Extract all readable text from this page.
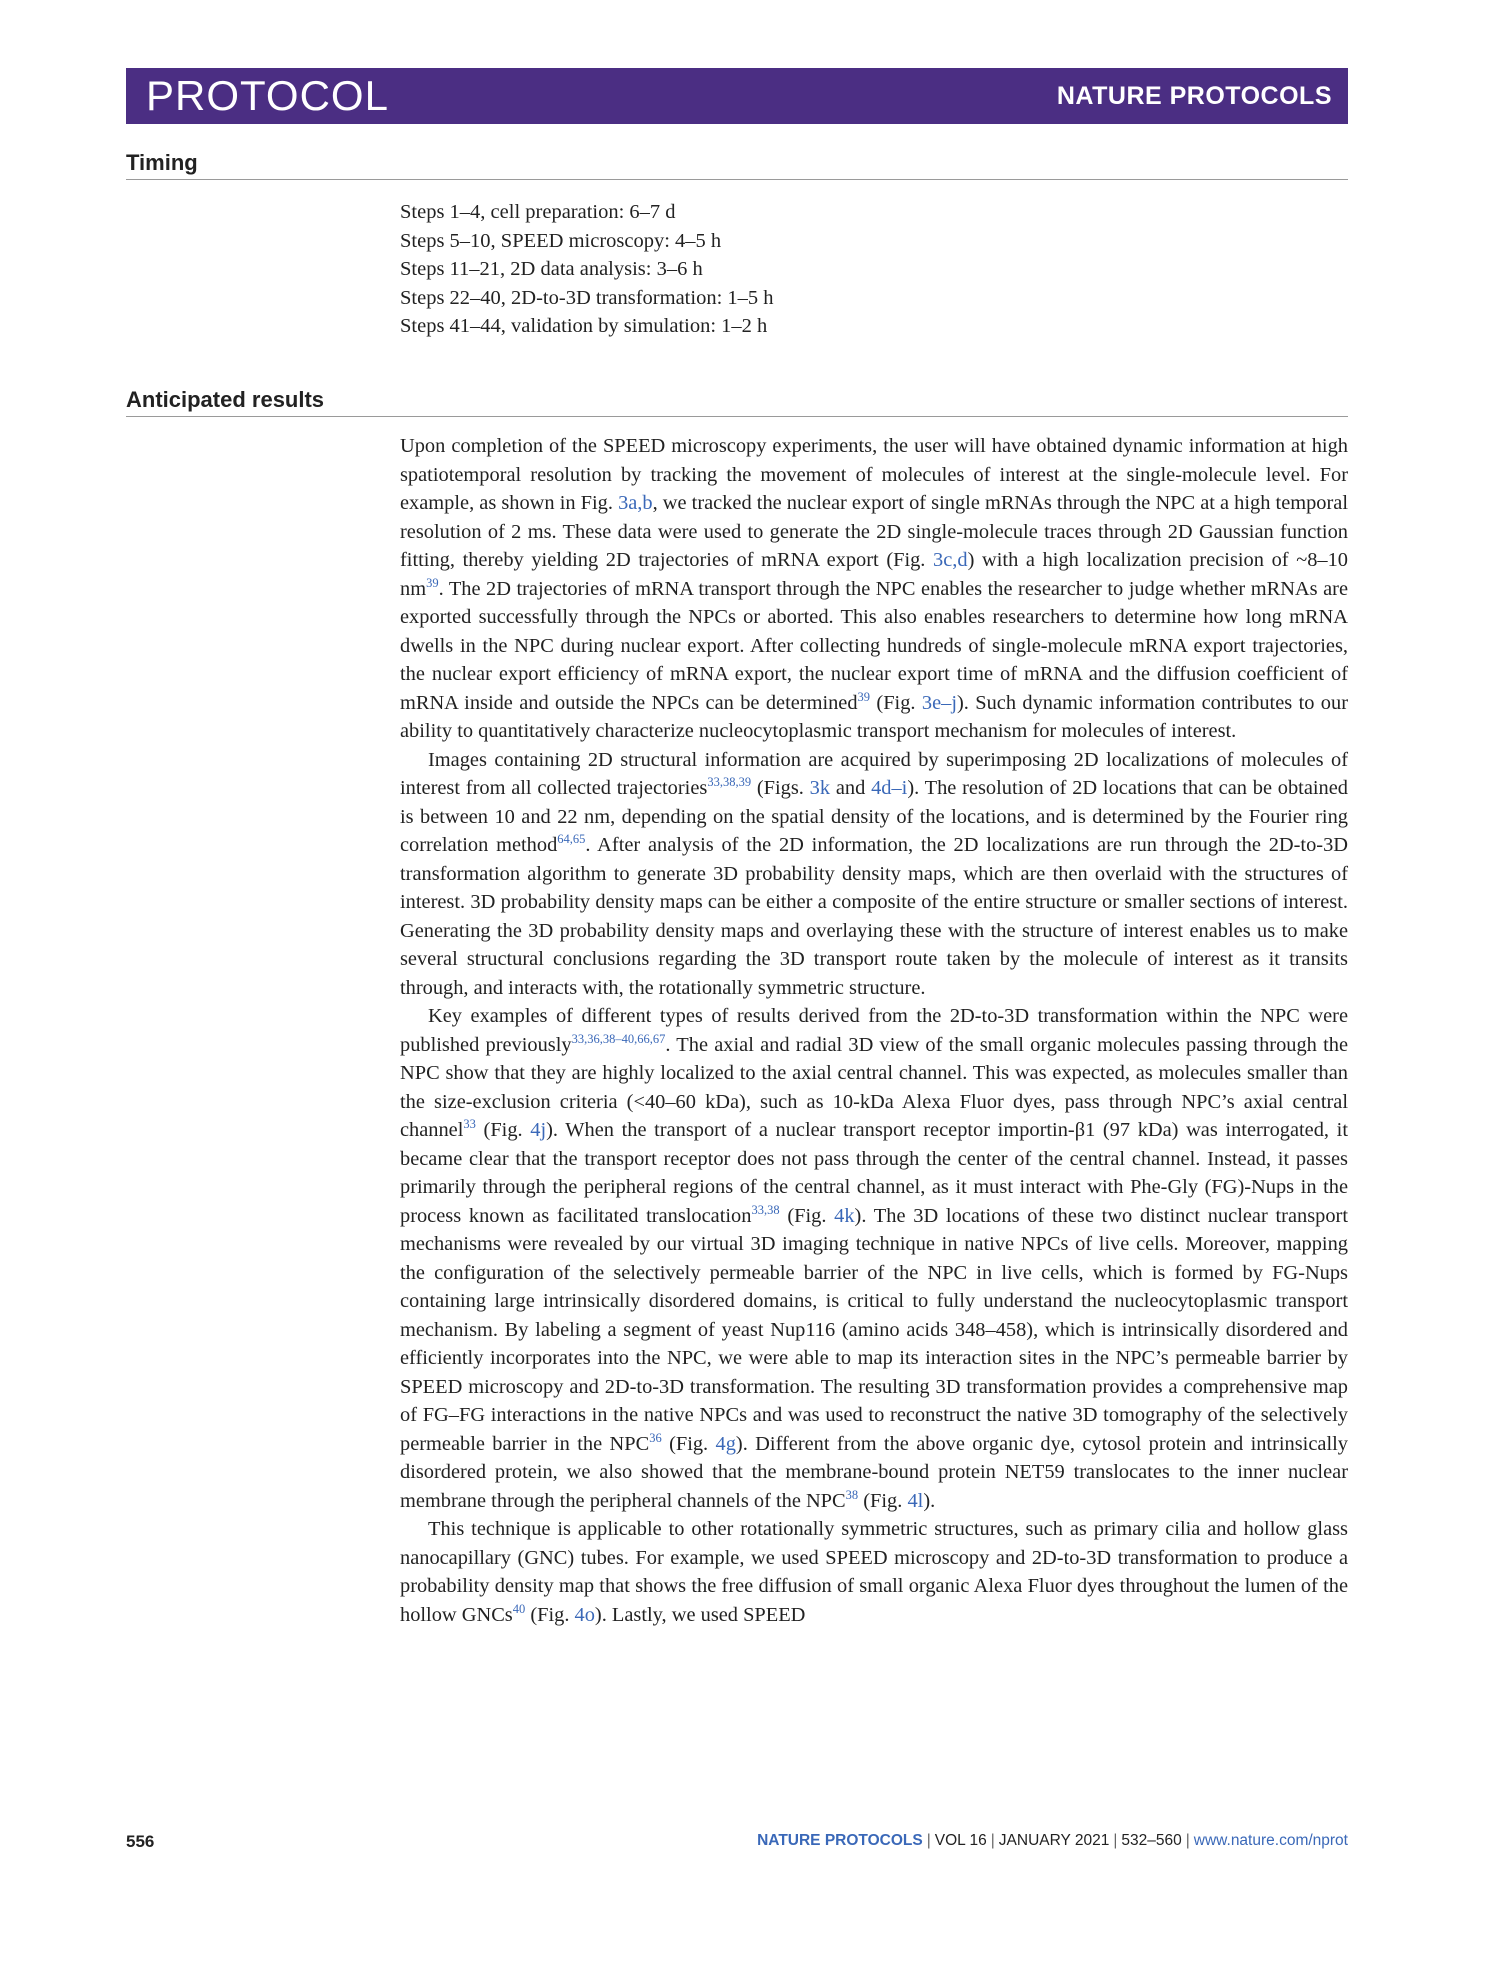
PROTOCOL	NATURE PROTOCOLS
Timing
Steps 1–4, cell preparation: 6–7 d
Steps 5–10, SPEED microscopy: 4–5 h
Steps 11–21, 2D data analysis: 3–6 h
Steps 22–40, 2D-to-3D transformation: 1–5 h
Steps 41–44, validation by simulation: 1–2 h
Anticipated results

Upon completion of the SPEED microscopy experiments, the user will have obtained dynamic information at high spatiotemporal resolution by tracking the movement of molecules of interest at the single-molecule level. For example, as shown in Fig. 3a,b, we tracked the nuclear export of single mRNAs through the NPC at a high temporal resolution of 2 ms. These data were used to generate the 2D single-molecule traces through 2D Gaussian function fitting, thereby yielding 2D trajectories of mRNA export (Fig. 3c,d) with a high localization precision of ~8–10 $nm^{39}$. The 2D trajectories of mRNA transport through the NPC enables the researcher to judge whether mRNAs are exported successfully through the NPCs or aborted. This also enables researchers to determine how long mRNA dwells in the NPC during nuclear export. After collecting hundreds of single-molecule mRNA export trajectories, the nuclear export efficiency of mRNA export, the nuclear export time of mRNA and the diffusion coefficient of mRNA inside and outside the NPCs can be determined$^{39}$ (Fig. 3e–j). Such dynamic information contributes to our ability to quantitatively characterize nucleocytoplasmic transport mechanism for molecules of interest.

Images containing 2D structural information are acquired by superimposing 2D localizations of molecules of interest from all collected trajectories$^{33,38,39}$ (Figs. 3k and 4d–i). The resolution of 2D locations that can be obtained is between 10 and 22 nm, depending on the spatial density of the locations, and is determined by the Fourier ring correlation method$^{64,65}$. After analysis of the 2D information, the 2D localizations are run through the 2D-to-3D transformation algorithm to generate 3D probability density maps, which are then overlaid with the structures of interest. 3D probability density maps can be either a composite of the entire structure or smaller sections of interest. Generating the 3D probability density maps and overlaying these with the structure of interest enables us to make several structural conclusions regarding the 3D transport route taken by the molecule of interest as it transits through, and interacts with, the rotationally symmetric structure.

Key examples of different types of results derived from the 2D-to-3D transformation within the NPC were published previously$^{33,36,38-40,66,67}$. The axial and radial 3D view of the small organic molecules passing through the NPC show that they are highly localized to the axial central channel. This was expected, as molecules smaller than the size-exclusion criteria (<40–60 kDa), such as 10-kDa Alexa Fluor dyes, pass through NPC’s axial central channel$^{33}$ (Fig. 4j). When the transport of a nuclear transport receptor importin-β1 (97 kDa) was interrogated, it became clear that the transport receptor does not pass through the center of the central channel. Instead, it passes primarily through the peripheral regions of the central channel, as it must interact with Phe-Gly (FG)-Nups in the process known as facilitated translocation$^{33,38}$ (Fig. 4k). The 3D locations of these two distinct nuclear transport mechanisms were revealed by our virtual 3D imaging technique in native NPCs of live cells. Moreover, mapping the configuration of the selectively permeable barrier of the NPC in live cells, which is formed by FG-Nups containing large intrinsically disordered domains, is critical to fully understand the nucleocytoplasmic transport mechanism. By labeling a segment of yeast Nup116 (amino acids 348–458), which is intrinsically disordered and efficiently incorporates into the NPC, we were able to map its interaction sites in the NPC’s permeable barrier by SPEED microscopy and 2D-to-3D transformation. The resulting 3D transformation provides a comprehensive map of FG–FG interactions in the native NPCs and was used to reconstruct the native 3D tomography of the selectively permeable barrier in the NPC$^{36}$ (Fig. 4g). Different from the above organic dye, cytosol protein and intrinsically disordered protein, we also showed that the membrane-bound protein NET59 translocates to the inner nuclear membrane through the peripheral channels of the NPC$^{38}$ (Fig. 4l).

This technique is applicable to other rotationally symmetric structures, such as primary cilia and hollow glass nanocapillary (GNC) tubes. For example, we used SPEED microscopy and 2D-to-3D transformation to produce a probability density map that shows the free diffusion of small organic Alexa Fluor dyes throughout the lumen of the hollow GNCs$^{40}$ (Fig. 4o). Lastly, we used SPEED

556	NATURE PROTOCOLS | VOL 16 | JANUARY 2021 | 532–560 | www.nature.com/nprot
